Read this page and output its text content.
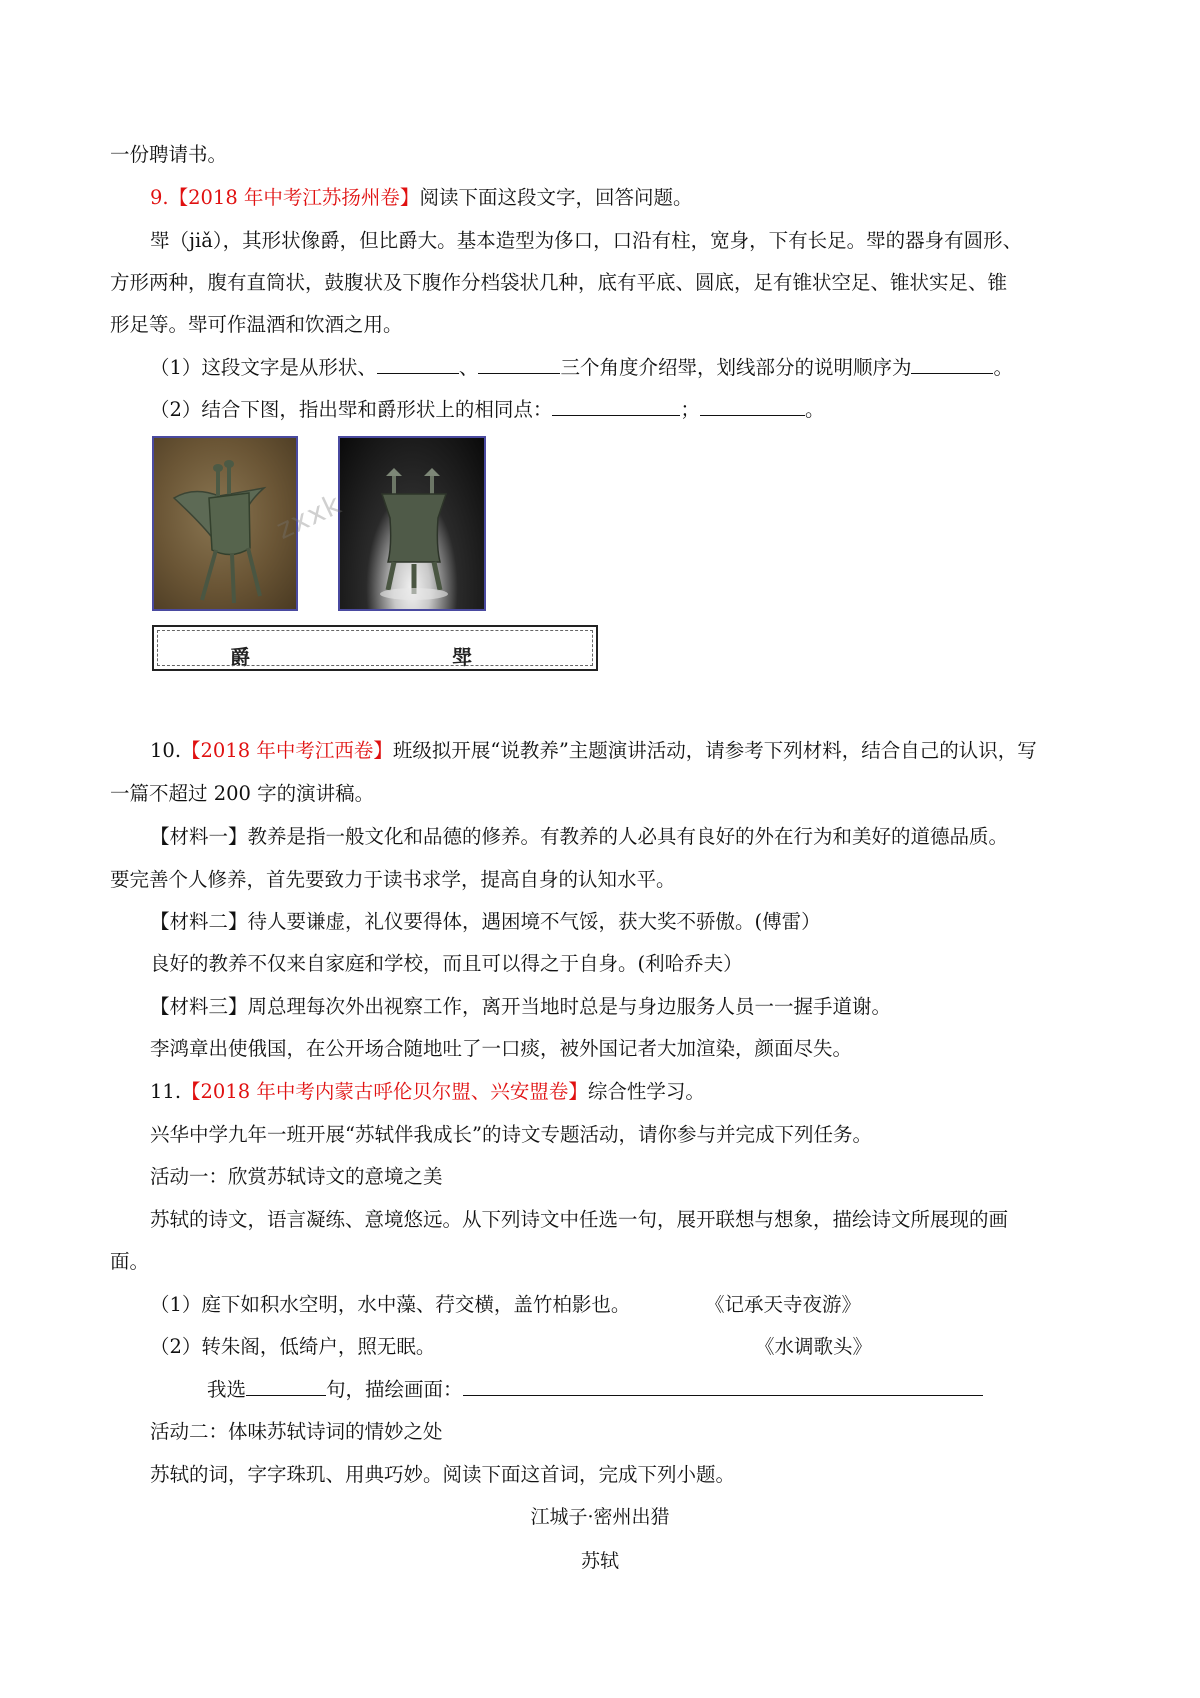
一份聘请书。
9.【2018 年中考江苏扬州卷】阅读下面这段文字，回答问题。
斝（jiǎ），其形状像爵，但比爵大。基本造型为侈口，口沿有柱，宽身，下有长足。斝的器身有圆形、
方形两种，腹有直筒状，鼓腹状及下腹作分档袋状几种，底有平底、圆底，足有锥状空足、锥状实足、锥
形足等。斝可作温酒和饮酒之用。
（1）这段文字是从形状、	、	三个角度介绍斝，划线部分的说明顺序为	。
（2）结合下图，指出斝和爵形状上的相同点：	；	。
zxxk
爵	斝
10.【2018 年中考江西卷】班级拟开展“说教养”主题演讲活动，请参考下列材料，结合自己的认识，写
一篇不超过 200 字的演讲稿。
【材料一】教养是指一般文化和品德的修养。有教养的人必具有良好的外在行为和美好的道德品质。
要完善个人修养，首先要致力于读书求学，提高自身的认知水平。
【材料二】待人要谦虚，礼仪要得体，遇困境不气馁，获大奖不骄傲。(傅雷）
良好的教养不仅来自家庭和学校，而且可以得之于自身。(利哈乔夫）
【材料三】周总理每次外出视察工作，离开当地时总是与身边服务人员一一握手道谢。
李鸿章出使俄国，在公开场合随地吐了一口痰，被外国记者大加渲染，颜面尽失。
11.【2018 年中考内蒙古呼伦贝尔盟、兴安盟卷】综合性学习。
兴华中学九年一班开展“苏轼伴我成长”的诗文专题活动，请你参与并完成下列任务。
活动一：欣赏苏轼诗文的意境之美
苏轼的诗文，语言凝练、意境悠远。从下列诗文中任选一句，展开联想与想象，描绘诗文所展现的画
面。
（1）庭下如积水空明，水中藻、荇交横，盖竹柏影也。	《记承天寺夜游》
（2）转朱阁，低绮户，照无眠。	《水调歌头》
我选	句，描绘画面：
活动二：体味苏轼诗词的情妙之处
苏轼的词，字字珠玑、用典巧妙。阅读下面这首词，完成下列小题。
江城子·密州出猎
苏轼
